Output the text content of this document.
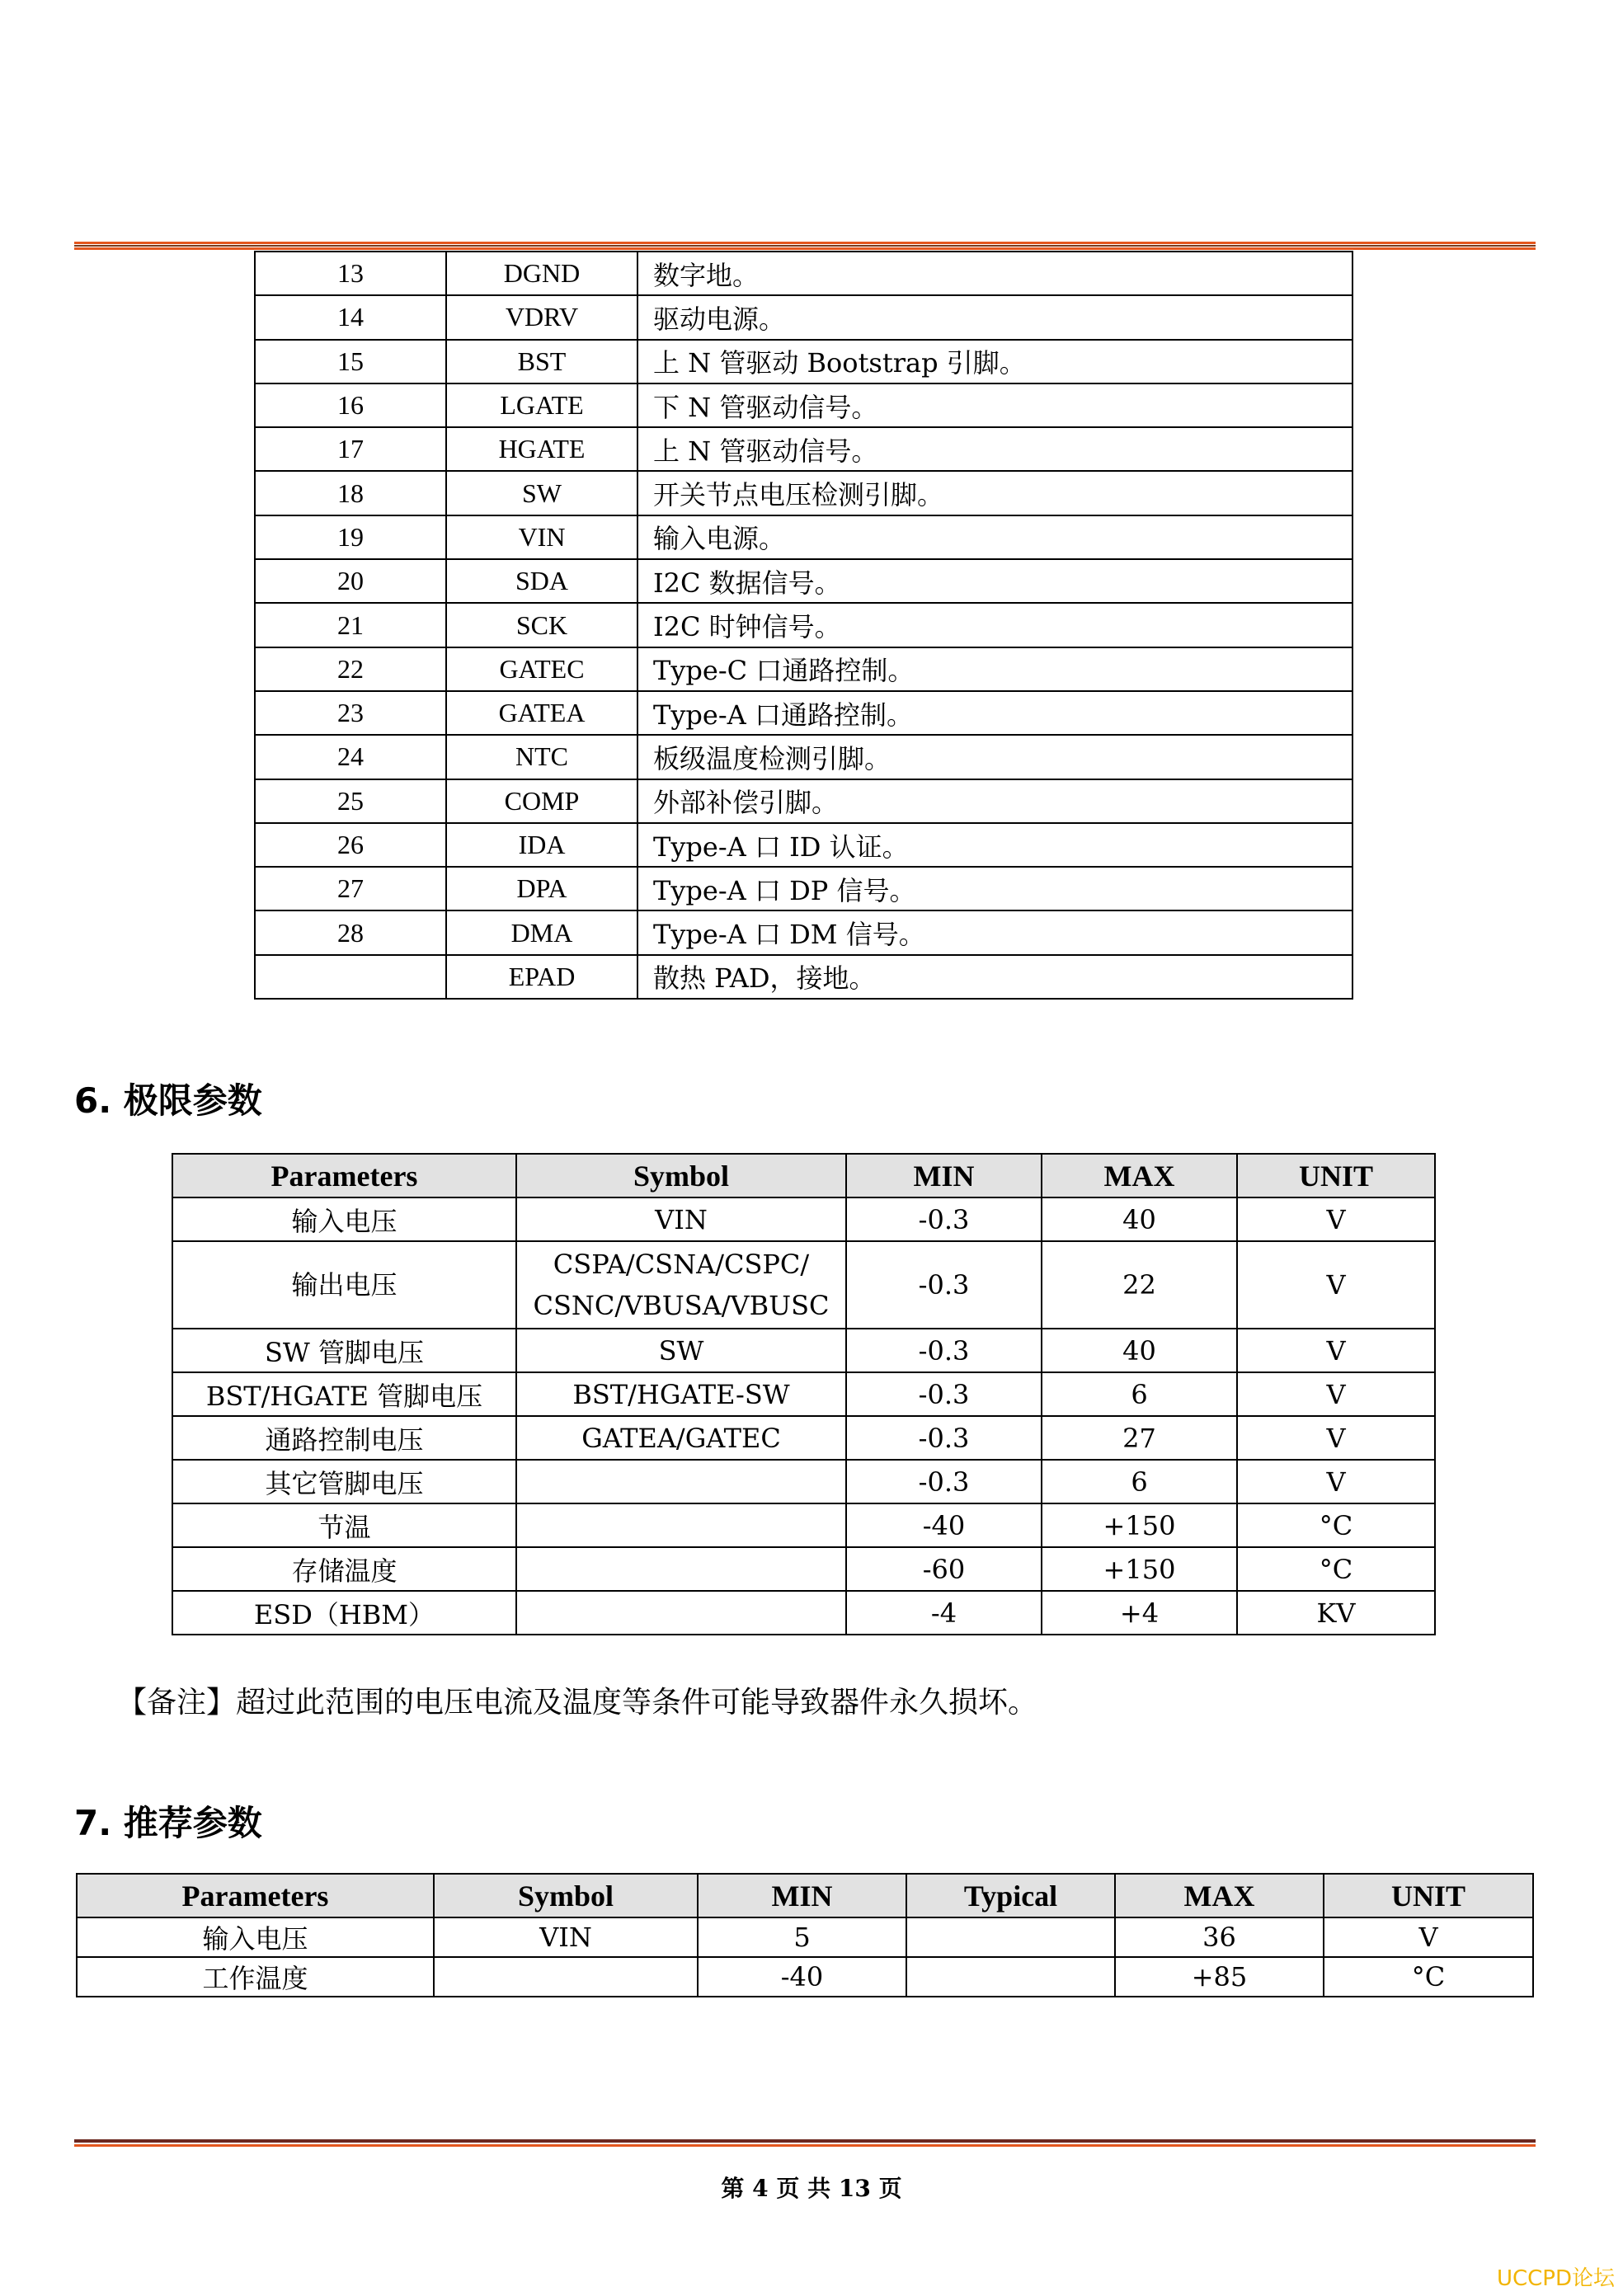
13	DGND	数字地。
14	VDRV	驱动电源。
15	BST	上 N 管驱动 Bootstrap 引脚。
16	LGATE	下 N 管驱动信号。
17	HGATE	上 N 管驱动信号。
18	SW	开关节点电压检测引脚。
19	VIN	输入电源。
20	SDA	I2C 数据信号。
21	SCK	I2C 时钟信号。
22	GATEC	Type-C 口通路控制。
23	GATEA	Type-A 口通路控制。
24	NTC	板级温度检测引脚。
25	COMP	外部补偿引脚。
26	IDA	Type-A 口 ID 认证。
27	DPA	Type-A 口 DP 信号。
28	DMA	Type-A 口 DM 信号。
	EPAD	散热 PAD，接地。
6. 极限参数
Parameters	Symbol	MIN	MAX	UNIT
输入电压	VIN	-0.3	40	V
输出电压	CSPA/CSNA/CSPC/
CSNC/VBUSA/VBUSC	-0.3	22	V
SW 管脚电压	SW	-0.3	40	V
BST/HGATE 管脚电压	BST/HGATE-SW	-0.3	6	V
通路控制电压	GATEA/GATEC	-0.3	27	V
其它管脚电压		-0.3	6	V
节温		-40	+150	°C
存储温度		-60	+150	°C
ESD（HBM）		-4	+4	KV
【备注】超过此范围的电压电流及温度等条件可能导致器件永久损坏。
7. 推荐参数
Parameters	Symbol	MIN	Typical	MAX	UNIT
输入电压	VIN	5		36	V
工作温度		-40		+85	°C
第 4 页 共 13 页
UCCPD论坛
